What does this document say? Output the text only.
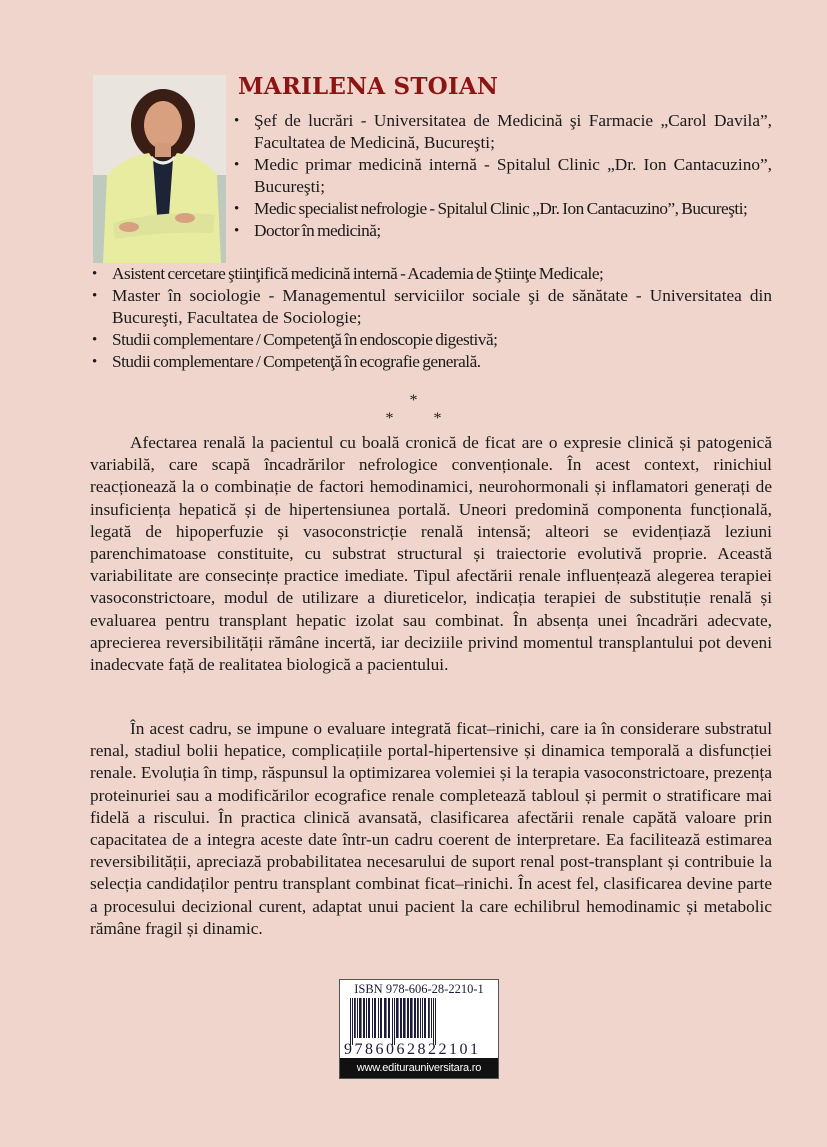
MARILENA STOIAN
• Şef de lucrări - Universitatea de Medicină şi Farmacie „Carol Davila”, Facultatea de Medicină, Bucureşti;
• Medic primar medicină internă - Spitalul Clinic „Dr. Ion Cantacuzino”, Bucureşti;
• Medic specialist nefrologie - Spitalul Clinic „Dr. Ion Cantacuzino”, Bucureşti;
• Doctor în medicină;
• Asistent cercetare ştiinţifică medicină internă - Academia de Ştiinţe Medicale;
• Master în sociologie - Managementul serviciilor sociale şi de sănătate - Universitatea din Bucureşti, Facultatea de Sociologie;
• Studii complementare / Competenţă în endoscopie digestivă;
• Studii complementare / Competenţă în ecografie generală.
*
*	*

Afectarea renală la pacientul cu boală cronică de ficat are o expresie clinică și patogenică variabilă, care scapă încadrărilor nefrologice convenționale. În acest context, rinichiul reacționează la o combinație de factori hemodinamici, neurohormonali și inflamatori generați de insuficiența hepatică și de hipertensiunea portală. Uneori predomină componenta funcțională, legată de hipoperfuzie și vasoconstricție renală intensă; alteori se evidențiază leziuni parenchimatoase constituite, cu substrat structural și traiectorie evolutivă proprie. Această variabilitate are consecințe practice imediate. Tipul afectării renale influențează alegerea terapiei vasoconstrictoare, modul de utilizare a diureticelor, indicația terapiei de substituție renală și evaluarea pentru transplant hepatic izolat sau combinat. În absența unei încadrări adecvate, aprecierea reversibilității rămâne incertă, iar deciziile privind momentul transplantului pot deveni inadecvate față de realitatea biologică a pacientului.

În acest cadru, se impune o evaluare integrată ficat–rinichi, care ia în considerare substratul renal, stadiul bolii hepatice, complicațiile portal-hipertensive și dinamica temporală a disfuncției renale. Evoluția în timp, răspunsul la optimizarea volemiei și la terapia vasoconstrictoare, prezența proteinuriei sau a modificărilor ecografice renale completează tabloul și permit o stratificare mai fidelă a riscului. În practica clinică avansată, clasificarea afectării renale capătă valoare prin capacitatea de a integra aceste date într-un cadru coerent de interpretare. Ea facilitează estimarea reversibilității, apreciază probabilitatea necesarului de suport renal post-transplant și contribuie la selecția candidaților pentru transplant combinat ficat–rinichi. În acest fel, clasificarea devine parte a procesului decizional curent, adaptat unui pacient la care echilibrul hemodinamic și metabolic rămâne fragil și dinamic.

ISBN 978-606-28-2210-1
9786062822101
www.editurauniversitara.ro
